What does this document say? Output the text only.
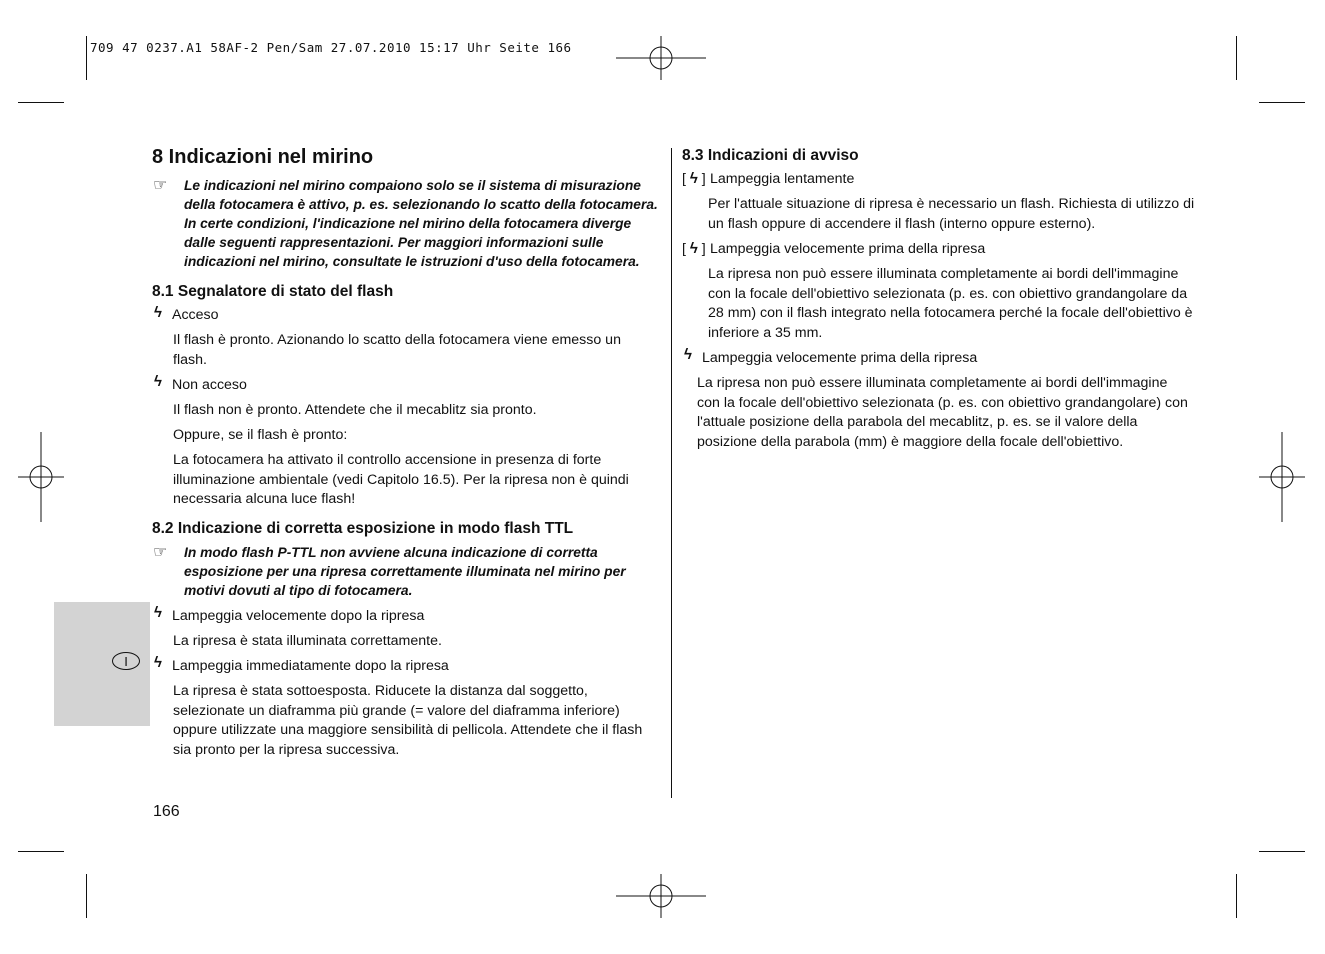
709 47 0237.A1 58AF-2 Pen/Sam 27.07.2010 15:17 Uhr Seite 166
I
8 Indicazioni nel mirino
☞ Le indicazioni nel mirino compaiono solo se il sistema di misurazione della fotocamera è attivo, p. es. selezionando lo scatto della fotocamera. In certe condizioni, l'indicazione nel mirino della fotocamera diverge dalle seguenti rappresentazioni. Per maggiori informazioni sulle indicazioni nel mirino, consultate le istruzioni d'uso della fotocamera.
8.1 Segnalatore di stato del flash
ϟ Acceso
Il flash è pronto. Azionando lo scatto della fotocamera viene emesso un flash.
ϟ Non acceso
Il flash non è pronto. Attendete che il mecablitz sia pronto.
Oppure, se il flash è pronto:
La fotocamera ha attivato il controllo accensione in presenza di forte illuminazione ambientale (vedi Capitolo 16.5). Per la ripresa non è quindi necessaria alcuna luce flash!
8.2 Indicazione di corretta esposizione in modo flash TTL
☞ In modo flash P-TTL non avviene alcuna indicazione di corretta esposizione per una ripresa correttamente illuminata nel mirino per motivi dovuti al tipo di fotocamera.
ϟ Lampeggia velocemente dopo la ripresa
La ripresa è stata illuminata correttamente.
ϟ Lampeggia immediatamente dopo la ripresa
La ripresa è stata sottoesposta. Riducete la distanza dal soggetto, selezionate un diaframma più grande (= valore del diaframma inferiore) oppure utilizzate una maggiore sensibilità di pellicola. Attendete che il flash sia pronto per la ripresa successiva.
166
8.3 Indicazioni di avviso
[ ϟ ] Lampeggia lentamente
Per l'attuale situazione di ripresa è necessario un flash. Richiesta di utilizzo di un flash oppure di accendere il flash (interno oppure esterno).
[ ϟ ] Lampeggia velocemente prima della ripresa
La ripresa non può essere illuminata completamente ai bordi dell'immagine con la focale dell'obiettivo selezionata (p. es. con obiettivo grandangolare da 28 mm) con il flash integrato nella fotocamera perché la focale dell'obiettivo è inferiore a 35 mm.
ϟ Lampeggia velocemente prima della ripresa
La ripresa non può essere illuminata completamente ai bordi dell'immagine con la focale dell'obiettivo selezionata (p. es. con obiettivo grandangolare) con l'attuale posizione della parabola del mecablitz, p. es. se il valore della posizione della parabola (mm) è maggiore della focale dell'obiettivo.
